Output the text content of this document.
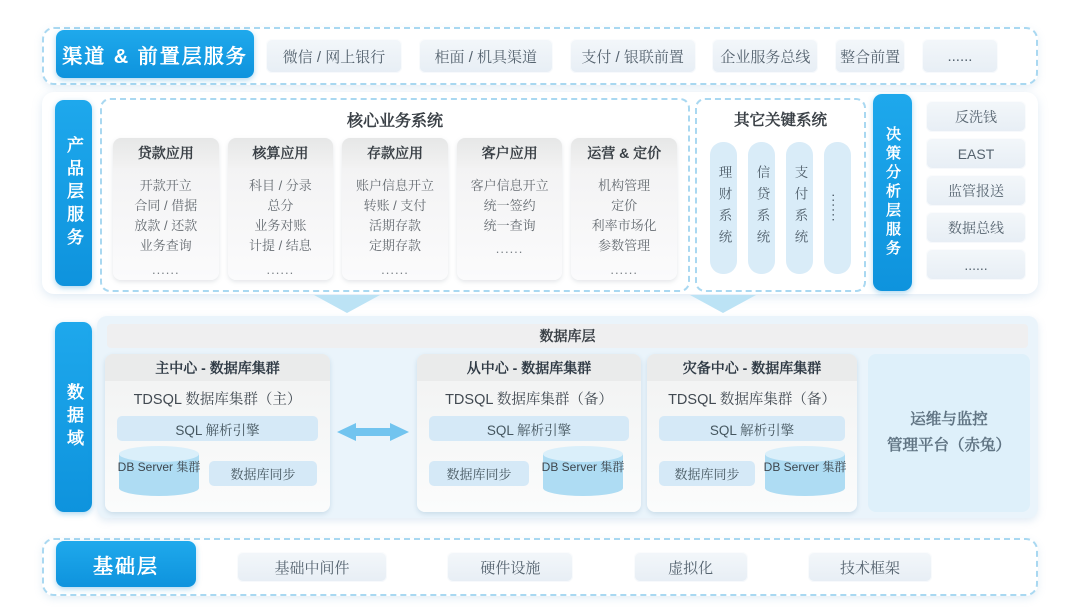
微信 / 网上银行	柜面 / 机具渠道	支付 / 银联前置	企业服务总线	整合前置	......
渠道 & 前置层服务
产品层服务
核心业务系统
贷款应用
开款开立
合同 / 借据
放款 / 还款
业务查询
......
核算应用
科目 / 分录
总分
业务对账
计提 / 结息
......
存款应用
账户信息开立
转账 / 支付
活期存款
定期存款
......
客户应用
客户信息开立
统一签约
统一查询
......
运营 & 定价
机构管理
定价
利率市场化
参数管理
......
其它关键系统
理财系统	信贷系统	支付系统	......	决策分析层服务
反洗钱
EAST
监管报送
数据总线
......
数据域
数据库层
主中心 - 数据库集群
TDSQL 数据库集群（主）
SQL 解析引擎
DB Server 集群	数据库同步
从中心 - 数据库集群
TDSQL 数据库集群（备）
SQL 解析引擎
数据库同步	DB Server 集群
灾备中心 - 数据库集群
TDSQL 数据库集群（备）
SQL 解析引擎
数据库同步	DB Server 集群
运维与监控
管理平台（赤兔）
基础中间件	硬件设施	虚拟化	技术框架
基础层
